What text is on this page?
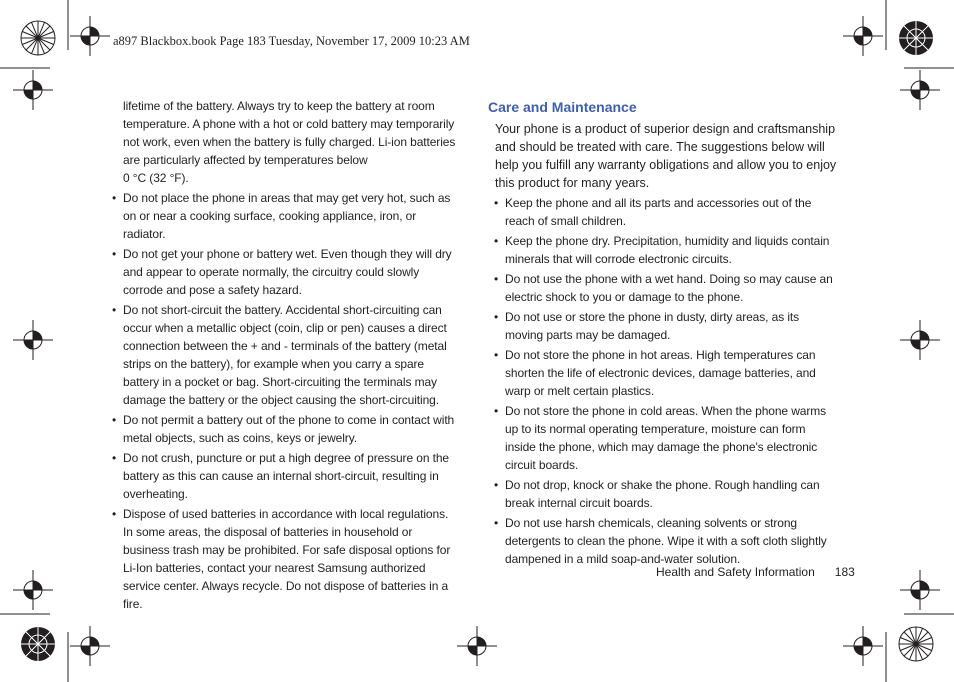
a897 Blackbox.book Page 183 Tuesday, November 17, 2009 10:23 AM

lifetime of the battery. Always try to keep the battery at room temperature. A phone with a hot or cold battery may temporarily not work, even when the battery is fully charged. Li-ion batteries are particularly affected by temperatures below
0 °C (32 °F).

• Do not place the phone in areas that may get very hot, such as on or near a cooking surface, cooking appliance, iron, or radiator.
• Do not get your phone or battery wet. Even though they will dry and appear to operate normally, the circuitry could slowly corrode and pose a safety hazard.
• Do not short-circuit the battery. Accidental short-circuiting can occur when a metallic object (coin, clip or pen) causes a direct connection between the + and - terminals of the battery (metal strips on the battery), for example when you carry a spare battery in a pocket or bag. Short-circuiting the terminals may damage the battery or the object causing the short-circuiting.
• Do not permit a battery out of the phone to come in contact with metal objects, such as coins, keys or jewelry.
• Do not crush, puncture or put a high degree of pressure on the battery as this can cause an internal short-circuit, resulting in overheating.
• Dispose of used batteries in accordance with local regulations. In some areas, the disposal of batteries in household or business trash may be prohibited. For safe disposal options for Li-Ion batteries, contact your nearest Samsung authorized service center. Always recycle. Do not dispose of batteries in a fire.
Care and Maintenance

Your phone is a product of superior design and craftsmanship and should be treated with care. The suggestions below will help you fulfill any warranty obligations and allow you to enjoy this product for many years.

• Keep the phone and all its parts and accessories out of the reach of small children.
• Keep the phone dry. Precipitation, humidity and liquids contain minerals that will corrode electronic circuits.
• Do not use the phone with a wet hand. Doing so may cause an electric shock to you or damage to the phone.
• Do not use or store the phone in dusty, dirty areas, as its moving parts may be damaged.
• Do not store the phone in hot areas. High temperatures can shorten the life of electronic devices, damage batteries, and warp or melt certain plastics.
• Do not store the phone in cold areas. When the phone warms up to its normal operating temperature, moisture can form inside the phone, which may damage the phone's electronic circuit boards.
• Do not drop, knock or shake the phone. Rough handling can break internal circuit boards.
• Do not use harsh chemicals, cleaning solvents or strong detergents to clean the phone. Wipe it with a soft cloth slightly dampened in a mild soap-and-water solution.
Health and Safety Information 183
